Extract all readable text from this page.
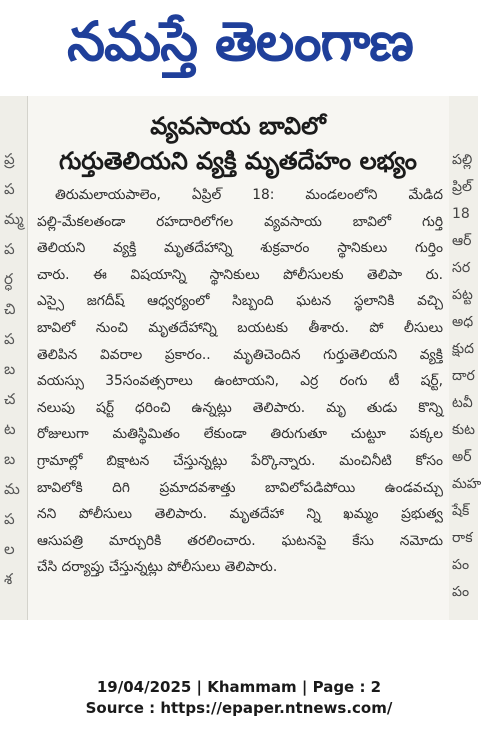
నమస్తే తెలంగాణ
ప్ర
ప
మ్మ
ప
ర్ధ
చి
ప
బ
చ
ట
బ
మ
ప
ల
శ
పల్లి
ప్రిల్
18
ఆర్
సర
పట్ట
అధ
క్షుద
దార
టవీ
కుట
అర్
మహ
షేక్
రాక
పం
పం
వ్యవసాయ బావిలో
గుర్తుతెలియని వ్యక్తి మృతదేహం లభ్యం

తిరుమలాయపాలెం, ఏప్రిల్ 18: మండలంలోని మేడిద

పల్లి-మేకలతండా రహదారిలోగల వ్యవసాయ బావిలో గుర్తి

తెలియని వ్యక్తి మృతదేహాన్ని శుక్రవారం స్థానికులు గుర్తిం

చారు. ఈ విషయాన్ని స్థానికులు పోలీసులకు తెలిపా రు.

ఎస్సై జగదీష్ ఆధ్వర్యంలో సిబ్బంది ఘటన స్థలానికి వచ్చి

బావిలో నుంచి మృతదేహాన్ని బయటకు తీశారు. పో లీసులు

తెలిపిన వివరాల ప్రకారం.. మృతిచెందిన గుర్తుతెలియని వ్యక్తి

వయస్సు 35సంవత్సరాలు ఉంటాయని, ఎర్ర రంగు టీ షర్ట్,

నలుపు షర్ట్ ధరించి ఉన్నట్లు తెలిపారు. మృ తుడు కొన్ని

రోజులుగా మతిస్థిమితం లేకుండా తిరుగుతూ చుట్టూ పక్కల

గ్రామాల్లో బిక్షాటన చేస్తున్నట్లు పేర్కొన్నారు. మంచినీటి కోసం

బావిలోకి దిగి ప్రమాదవశాత్తు బావిలోపడిపోయి ఉండవచ్చు

నని పోలీసులు తెలిపారు. మృతదేహా న్ని ఖమ్మం ప్రభుత్వ

ఆసుపత్రి మార్చురికి తరలించారు. ఘటనపై కేసు నమోదు

చేసి దర్యాప్తు చేస్తున్నట్లు పోలీసులు తెలిపారు.

19/04/2025 | Khammam | Page : 2
Source : https://epaper.ntnews.com/
